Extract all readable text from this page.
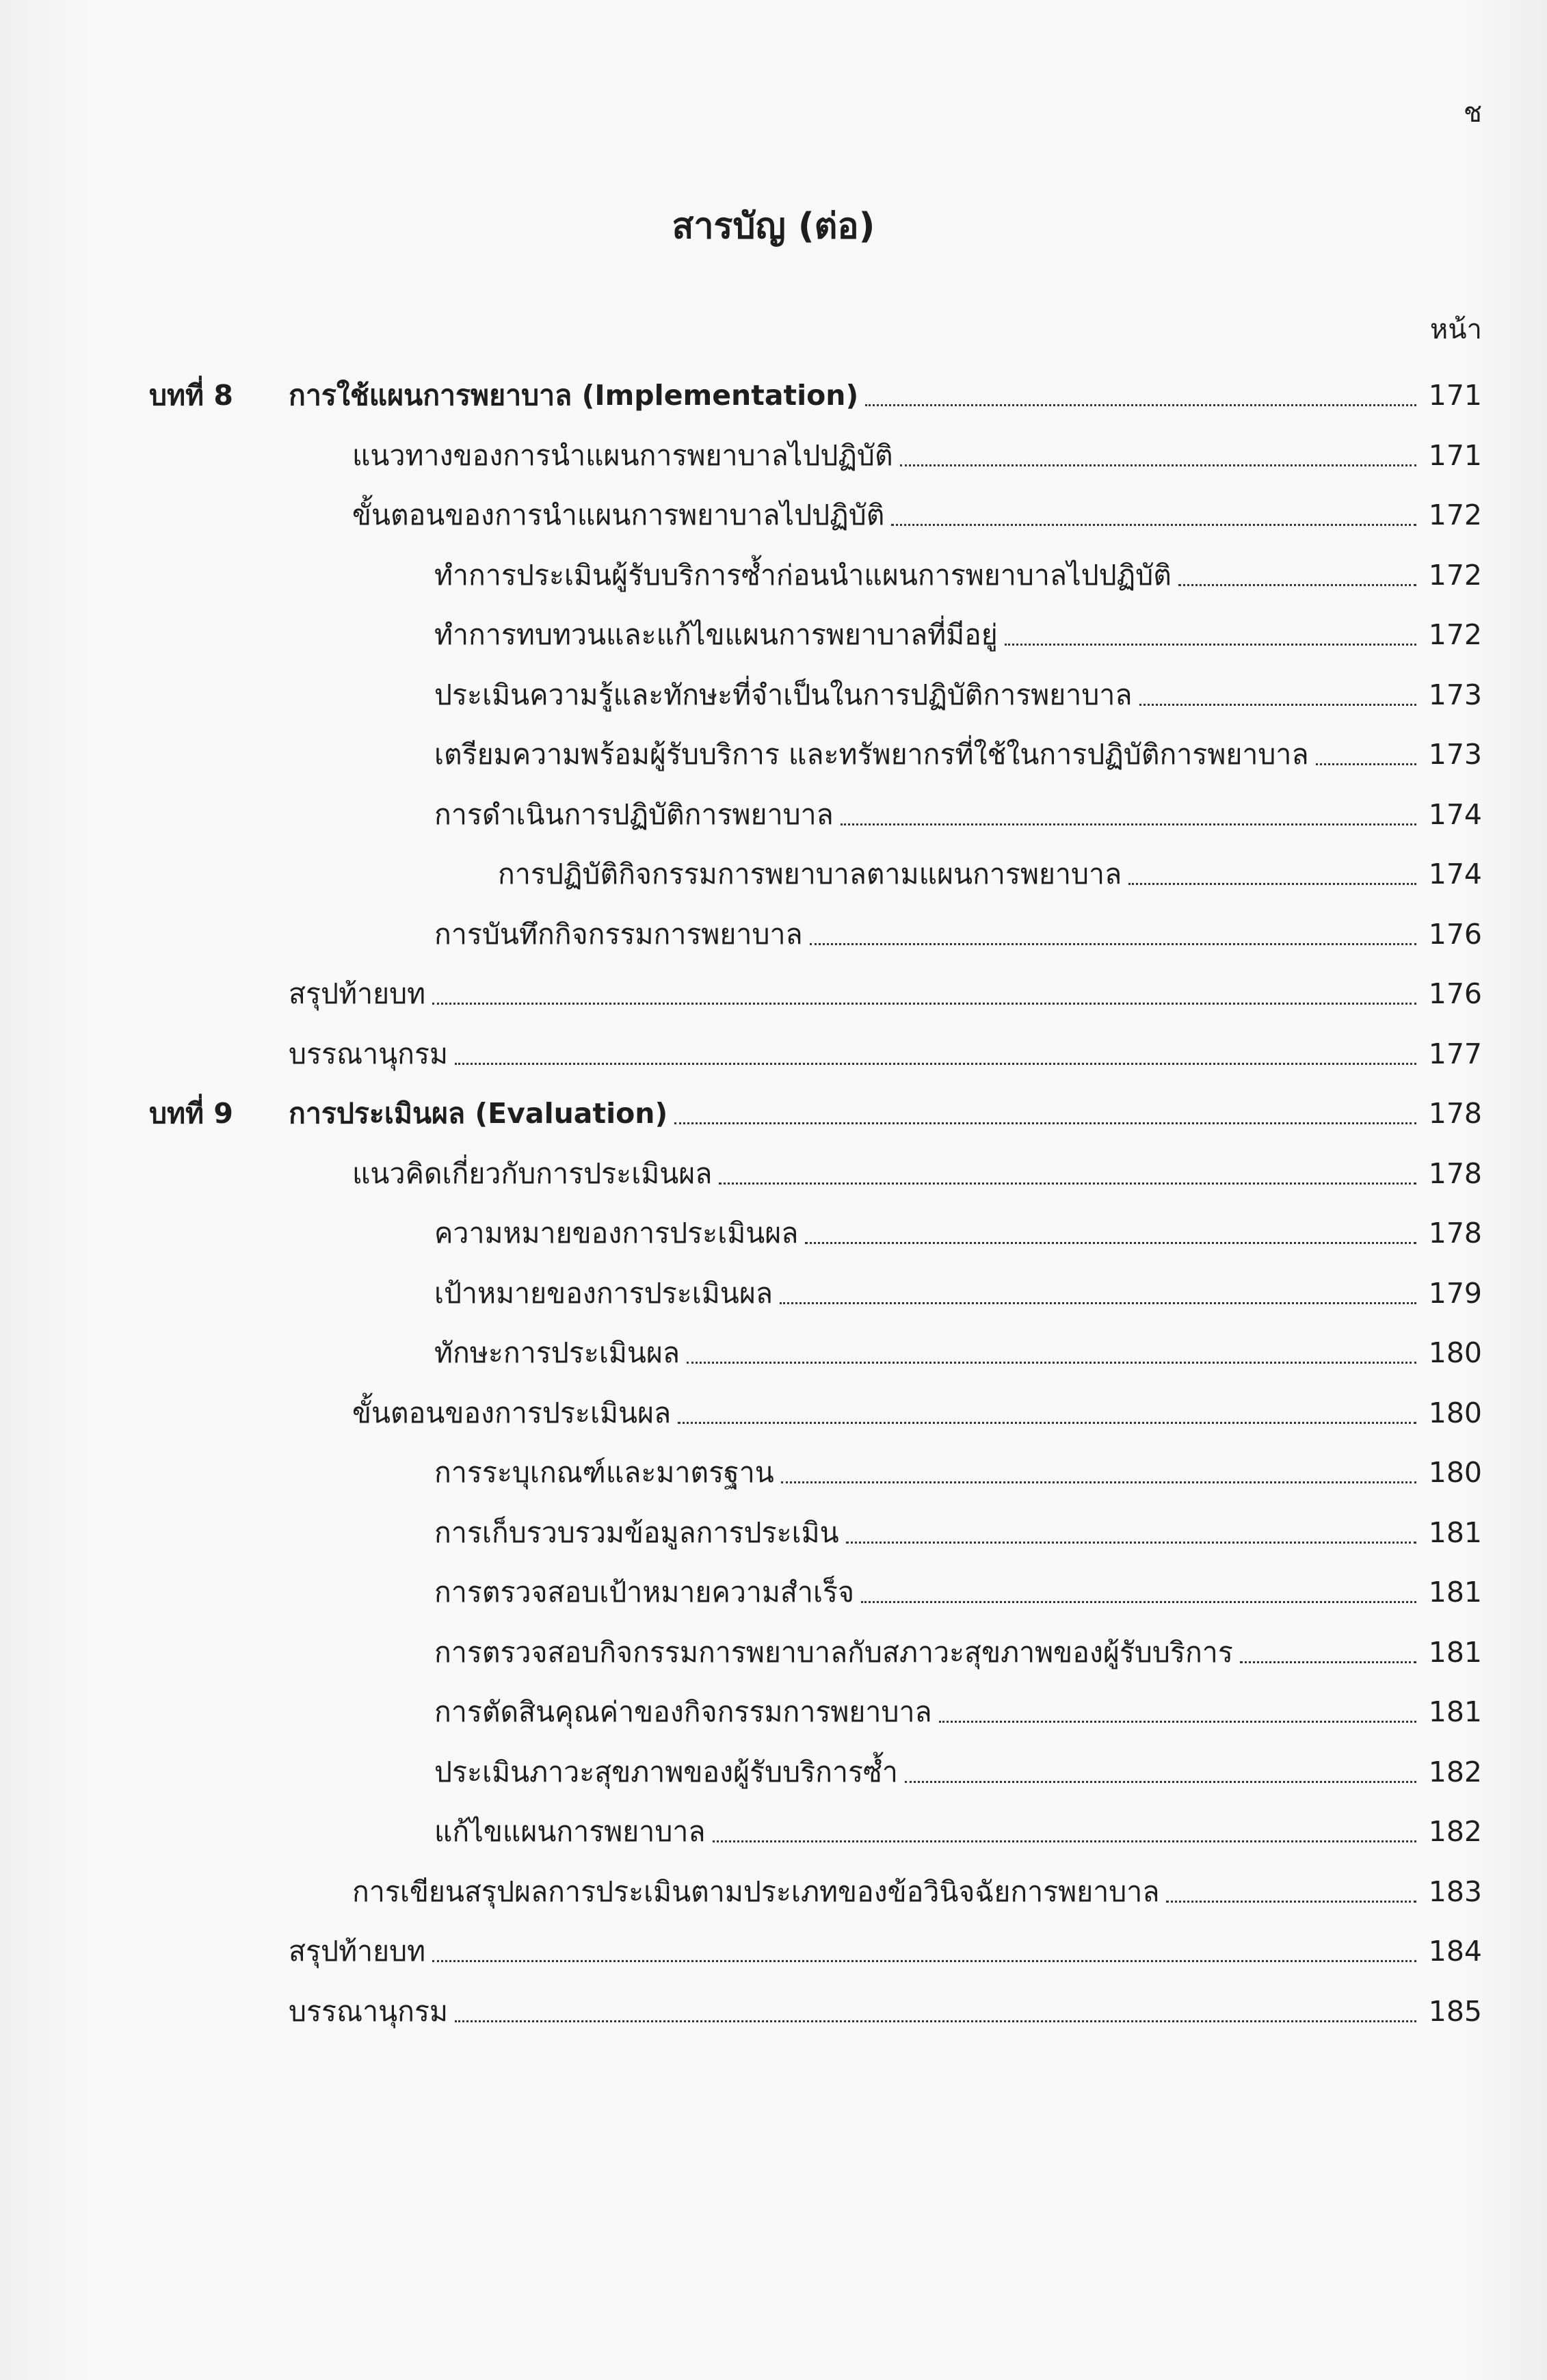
ช
สารบัญ (ต่อ)
หน้า
บทที่ 8 การใช้แผนการพยาบาล (Implementation)	171
แนวทางของการนำแผนการพยาบาลไปปฏิบัติ	171
ขั้นตอนของการนำแผนการพยาบาลไปปฏิบัติ	172
ทำการประเมินผู้รับบริการซ้ำก่อนนำแผนการพยาบาลไปปฏิบัติ	172
ทำการทบทวนและแก้ไขแผนการพยาบาลที่มีอยู่	172
ประเมินความรู้และทักษะที่จำเป็นในการปฏิบัติการพยาบาล	173
เตรียมความพร้อมผู้รับบริการ และทรัพยากรที่ใช้ในการปฏิบัติการพยาบาล	173
การดำเนินการปฏิบัติการพยาบาล	174
การปฏิบัติกิจกรรมการพยาบาลตามแผนการพยาบาล	174
การบันทึกกิจกรรมการพยาบาล	176
สรุปท้ายบท	176
บรรณานุกรม	177
บทที่ 9 การประเมินผล (Evaluation)	178
แนวคิดเกี่ยวกับการประเมินผล	178
ความหมายของการประเมินผล	178
เป้าหมายของการประเมินผล	179
ทักษะการประเมินผล	180
ขั้นตอนของการประเมินผล	180
การระบุเกณฑ์และมาตรฐาน	180
การเก็บรวบรวมข้อมูลการประเมิน	181
การตรวจสอบเป้าหมายความสำเร็จ	181
การตรวจสอบกิจกรรมการพยาบาลกับสภาวะสุขภาพของผู้รับบริการ	181
การตัดสินคุณค่าของกิจกรรมการพยาบาล	181
ประเมินภาวะสุขภาพของผู้รับบริการซ้ำ	182
แก้ไขแผนการพยาบาล	182
การเขียนสรุปผลการประเมินตามประเภทของข้อวินิจฉัยการพยาบาล	183
สรุปท้ายบท	184
บรรณานุกรม	185
